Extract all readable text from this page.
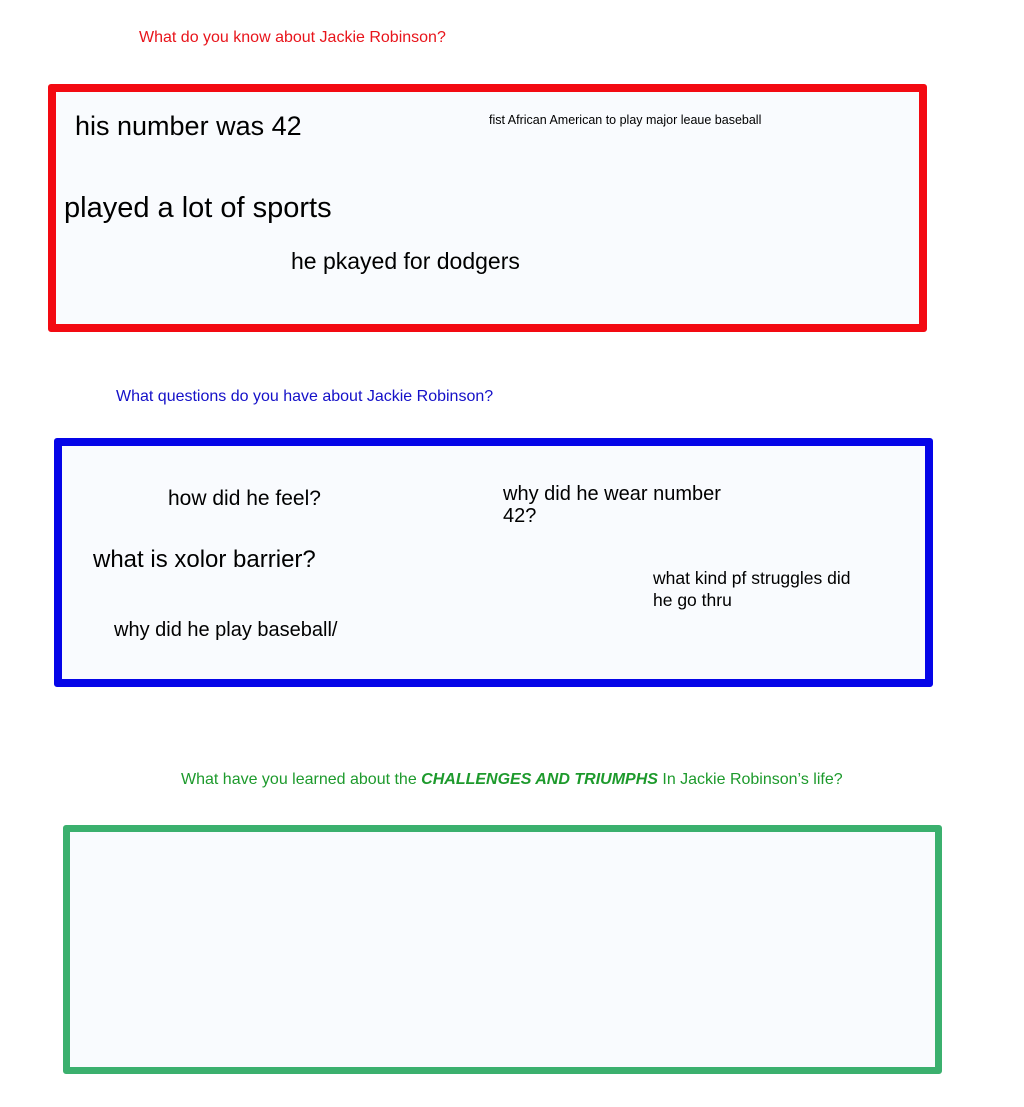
What do you know about Jackie Robinson?

his number was 42	fist African American to play major leaue baseball

played a lot of sports

he pkayed for dodgers

What questions do you have about Jackie Robinson?

how did he feel?	why did he wear number 42?

what is xolor barrier?

what kind pf struggles did he go thru

why did he play baseball/

What have you learned about the CHALLENGES AND TRIUMPHS In Jackie Robinson’s life?
